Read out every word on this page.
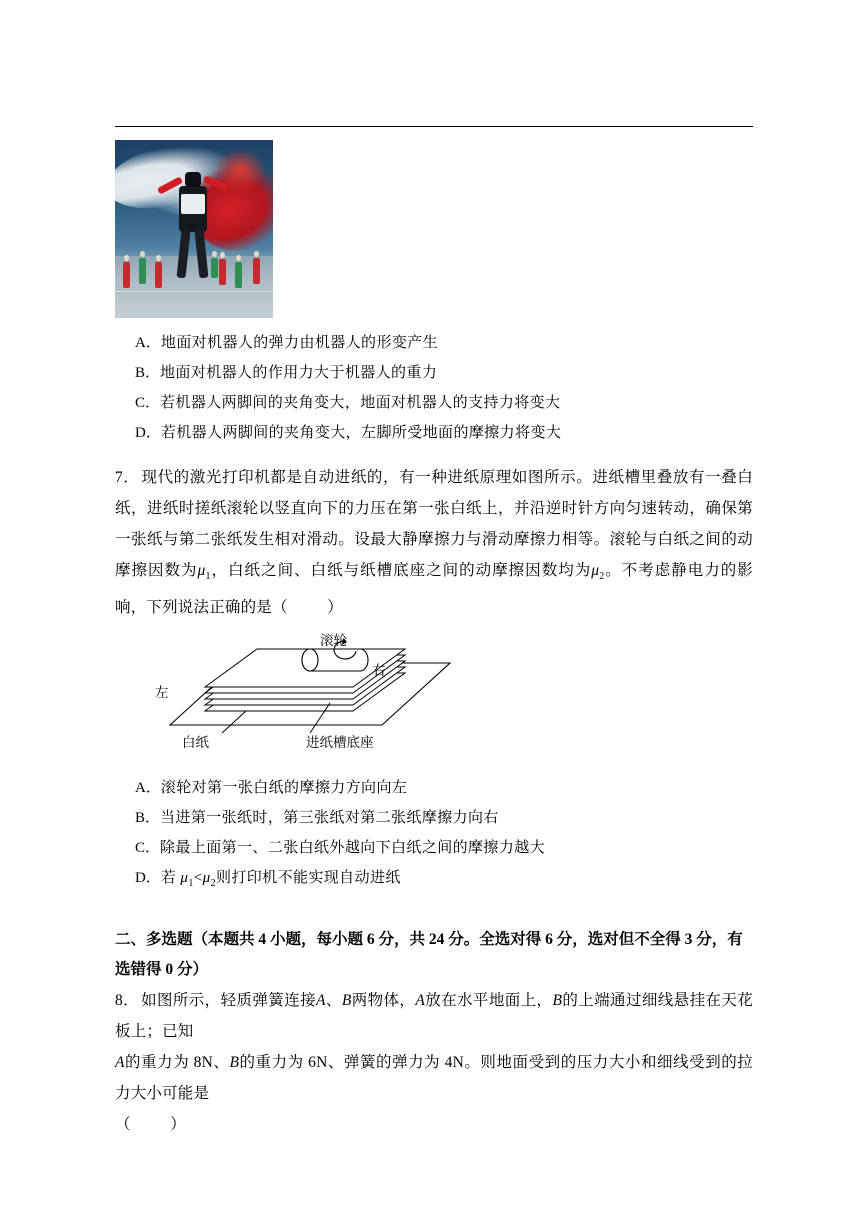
A．地面对机器人的弹力由机器人的形变产生
B．地面对机器人的作用力大于机器人的重力
C．若机器人两脚间的夹角变大，地面对机器人的支持力将变大
D．若机器人两脚间的夹角变大，左脚所受地面的摩擦力将变大
7． 现代的激光打印机都是自动进纸的，有一种进纸原理如图所示。进纸槽里叠放有一叠白纸，进纸时搓纸滚轮以竖直向下的力压在第一张白纸上，并沿逆时针方向匀速转动，确保第一张纸与第二张纸发生相对滑动。设最大静摩擦力与滑动摩擦力相等。滚轮与白纸之间的动摩擦因数为$\mu_1$，白纸之间、白纸与纸槽底座之间的动摩擦因数均为$\mu_2$。不考虑静电力的影响，下列说法正确的是（	）
滚轮
右
左
白纸	进纸槽底座
A．滚轮对第一张白纸的摩擦力方向向左
B．当进第一张纸时，第三张纸对第二张纸摩擦力向右
C．除最上面第一、二张白纸外越向下白纸之间的摩擦力越大
D．若 $\mu_1<\mu_2$则打印机不能实现自动进纸
二、多选题（本题共 4 小题，每小题 6 分，共 24 分。全选对得 6 分，选对但不全得 3 分，有选错得 0 分）
8． 如图所示，轻质弹簧连接A、B两物体，A放在水平地面上，B的上端通过细线悬挂在天花板上；已知
A的重力为 8N、B的重力为 6N、弹簧的弹力为 4N。则地面受到的压力大小和细线受到的拉力大小可能是
（	）
